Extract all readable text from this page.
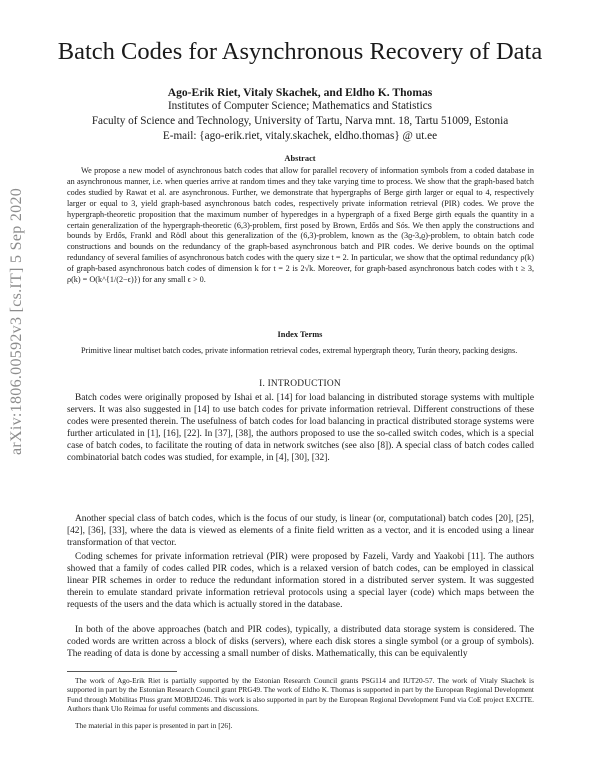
arXiv:1806.00592v3 [cs.IT] 5 Sep 2020
Batch Codes for Asynchronous Recovery of Data
Ago-Erik Riet, Vitaly Skachek, and Eldho K. Thomas
Institutes of Computer Science; Mathematics and Statistics
Faculty of Science and Technology, University of Tartu, Narva mnt. 18, Tartu 51009, Estonia
E-mail: {ago-erik.riet, vitaly.skachek, eldho.thomas} @ ut.ee
Abstract
We propose a new model of asynchronous batch codes that allow for parallel recovery of information symbols from a coded database in an asynchronous manner, i.e. when queries arrive at random times and they take varying time to process. We show that the graph-based batch codes studied by Rawat et al. are asynchronous. Further, we demonstrate that hypergraphs of Berge girth larger or equal to 4, respectively larger or equal to 3, yield graph-based asynchronous batch codes, respectively private information retrieval (PIR) codes. We prove the hypergraph-theoretic proposition that the maximum number of hyperedges in a hypergraph of a fixed Berge girth equals the quantity in a certain generalization of the hypergraph-theoretic (6,3)-problem, first posed by Brown, Erdős and Sós. We then apply the constructions and bounds by Erdős, Frankl and Rödl about this generalization of the (6,3)-problem, known as the (3ϱ-3,ϱ)-problem, to obtain batch code constructions and bounds on the redundancy of the graph-based asynchronous batch and PIR codes. We derive bounds on the optimal redundancy of several families of asynchronous batch codes with the query size t = 2. In particular, we show that the optimal redundancy ρ(k) of graph-based asynchronous batch codes of dimension k for t = 2 is 2√k. Moreover, for graph-based asynchronous batch codes with t ≥ 3, ρ(k) = O(k^{1/(2−ϵ)}) for any small ϵ > 0.
Index Terms
Primitive linear multiset batch codes, private information retrieval codes, extremal hypergraph theory, Turán theory, packing designs.
I. INTRODUCTION
Batch codes were originally proposed by Ishai et al. [14] for load balancing in distributed storage systems with multiple servers. It was also suggested in [14] to use batch codes for private information retrieval. Different constructions of these codes were presented therein. The usefulness of batch codes for load balancing in practical distributed storage systems were further articulated in [1], [16], [22]. In [37], [38], the authors proposed to use the so-called switch codes, which is a special case of batch codes, to facilitate the routing of data in network switches (see also [8]). A special class of batch codes called combinatorial batch codes was studied, for example, in [4], [30], [32].
Another special class of batch codes, which is the focus of our study, is linear (or, computational) batch codes [20], [25], [42], [36], [33], where the data is viewed as elements of a finite field written as a vector, and it is encoded using a linear transformation of that vector.
Coding schemes for private information retrieval (PIR) were proposed by Fazeli, Vardy and Yaakobi [11]. The authors showed that a family of codes called PIR codes, which is a relaxed version of batch codes, can be employed in classical linear PIR schemes in order to reduce the redundant information stored in a distributed server system. It was suggested therein to emulate standard private information retrieval protocols using a special layer (code) which maps between the requests of the users and the data which is actually stored in the database.
In both of the above approaches (batch and PIR codes), typically, a distributed data storage system is considered. The coded words are written across a block of disks (servers), where each disk stores a single symbol (or a group of symbols). The reading of data is done by accessing a small number of disks. Mathematically, this can be equivalently
The work of Ago-Erik Riet is partially supported by the Estonian Research Council grants PSG114 and IUT20-57. The work of Vitaly Skachek is supported in part by the Estonian Research Council grant PRG49. The work of Eldho K. Thomas is supported in part by the European Regional Development Fund through Mobilitas Pluss grant MOBJD246. This work is also supported in part by the European Regional Development Fund via CoE project EXCITE. Authors thank Ulo Reimaa for useful comments and discussions.
The material in this paper is presented in part in [26].
